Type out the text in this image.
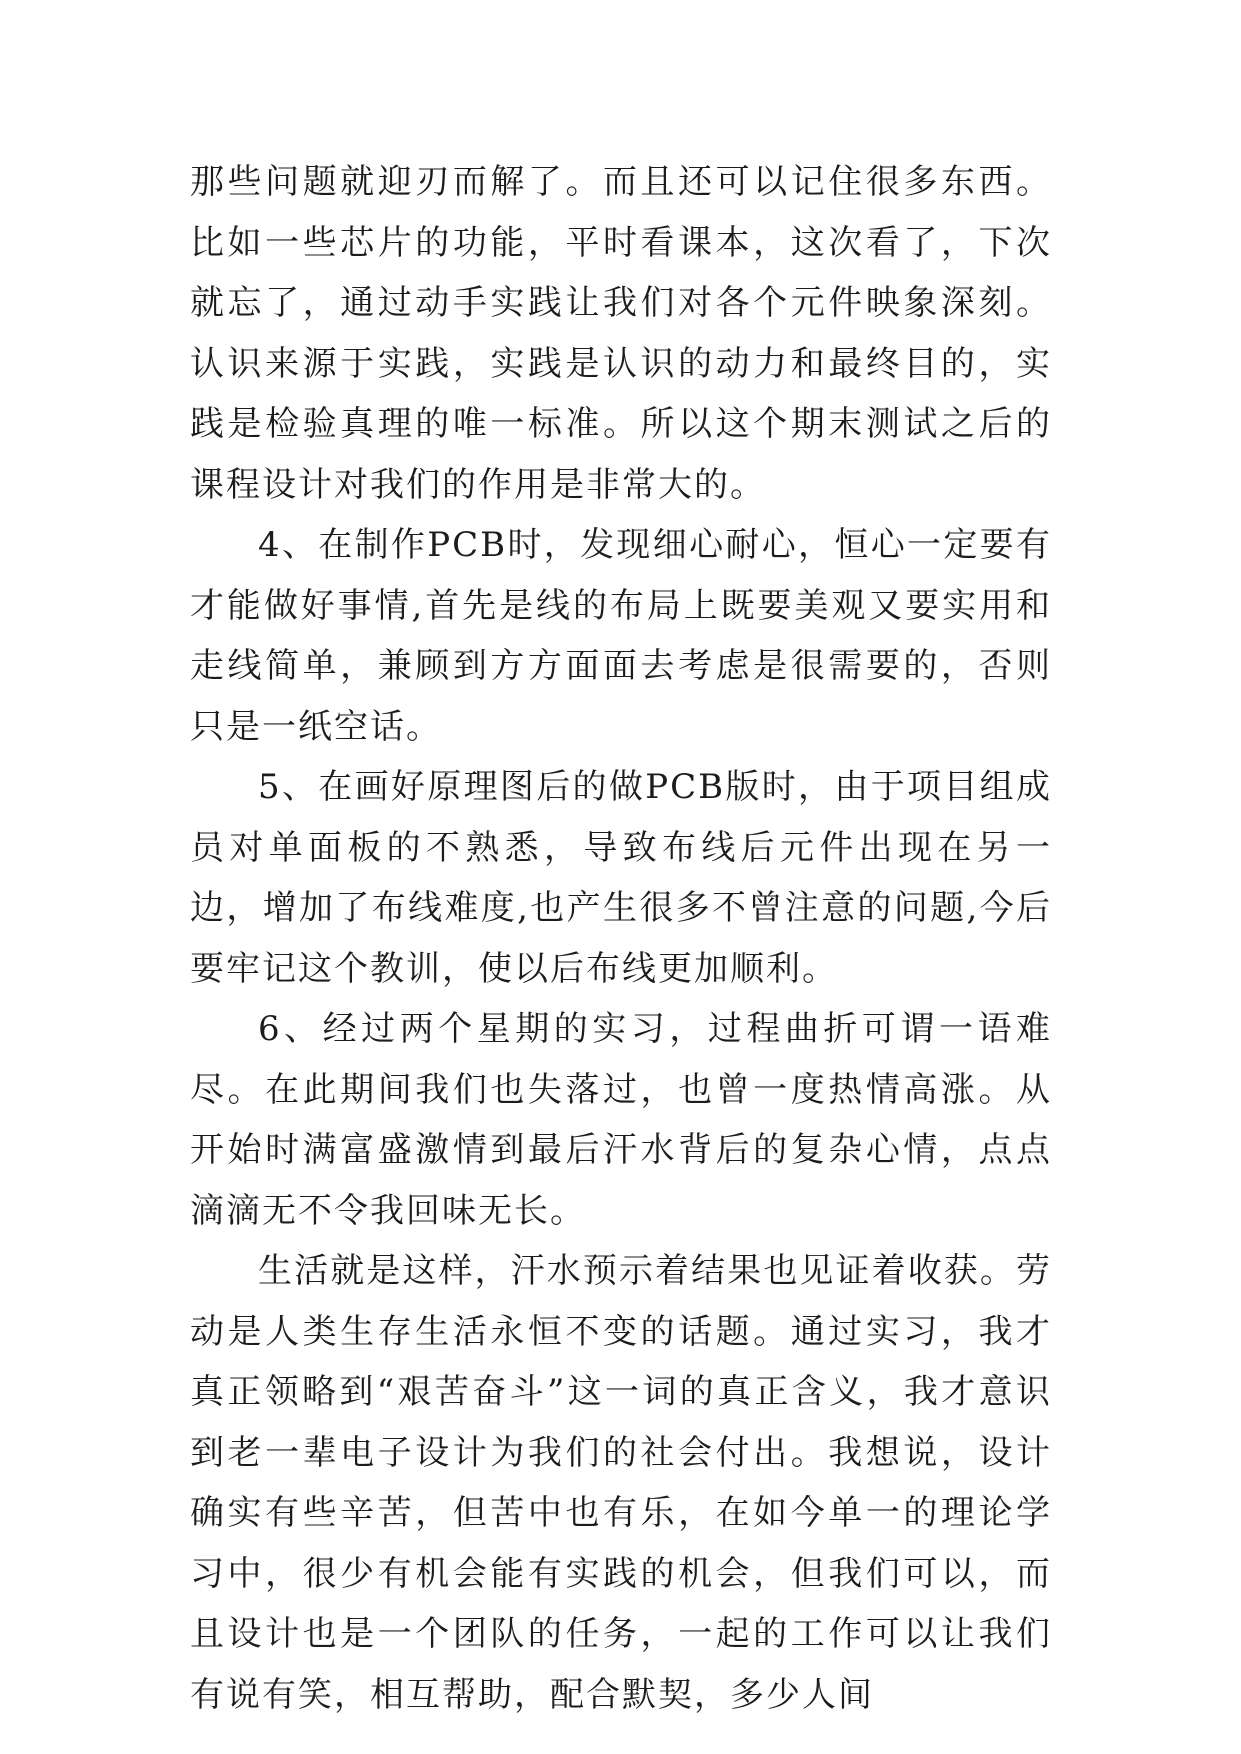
那些问题就迎刃而解了。而且还可以记住很多东西。比如一些芯片的功能，平时看课本，这次看了，下次就忘了，通过动手实践让我们对各个元件映象深刻。认识来源于实践，实践是认识的动力和最终目的，实践是检验真理的唯一标准。所以这个期末测试之后的课程设计对我们的作用是非常大的。

4、在制作PCB时，发现细心耐心，恒心一定要有才能做好事情,首先是线的布局上既要美观又要实用和走线简单，兼顾到方方面面去考虑是很需要的，否则只是一纸空话。

5、在画好原理图后的做PCB版时，由于项目组成员对单面板的不熟悉，导致布线后元件出现在另一边，增加了布线难度,也产生很多不曾注意的问题,今后要牢记这个教训，使以后布线更加顺利。

6、经过两个星期的实习，过程曲折可谓一语难尽。在此期间我们也失落过，也曾一度热情高涨。从开始时满富盛激情到最后汗水背后的复杂心情，点点滴滴无不令我回味无长。

生活就是这样，汗水预示着结果也见证着收获。劳动是人类生存生活永恒不变的话题。通过实习，我才真正领略到“艰苦奋斗”这一词的真正含义，我才意识到老一辈电子设计为我们的社会付出。我想说，设计确实有些辛苦，但苦中也有乐，在如今单一的理论学习中，很少有机会能有实践的机会，但我们可以，而且设计也是一个团队的任务，一起的工作可以让我们有说有笑，相互帮助，配合默契，多少人间
